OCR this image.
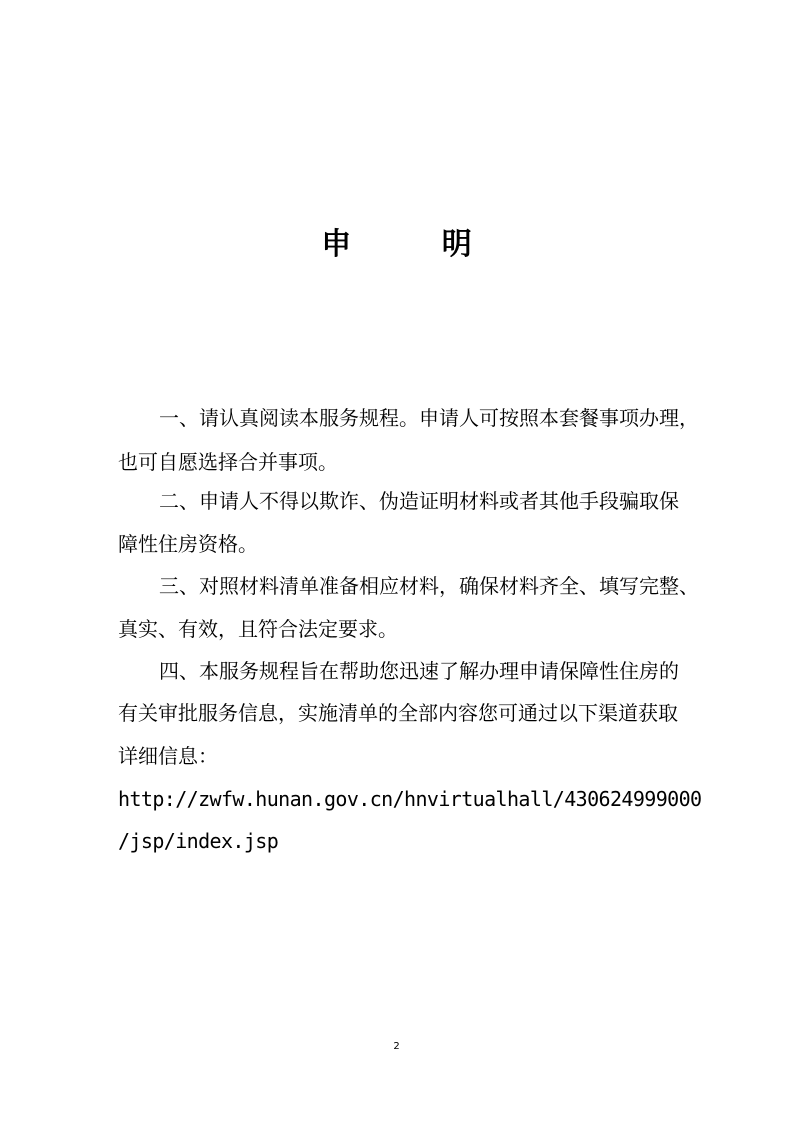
申 明
一、请认真阅读本服务规程。申请人可按照本套餐事项办理，
也可自愿选择合并事项。
二、申请人不得以欺诈、伪造证明材料或者其他手段骗取保
障性住房资格。
三、对照材料清单准备相应材料，确保材料齐全、填写完整、
真实、有效，且符合法定要求。
四、本服务规程旨在帮助您迅速了解办理申请保障性住房的
有关审批服务信息，实施清单的全部内容您可通过以下渠道获取
详细信息：
http://zwfw.hunan.gov.cn/hnvirtualhall/430624999000
/jsp/index.jsp
2
